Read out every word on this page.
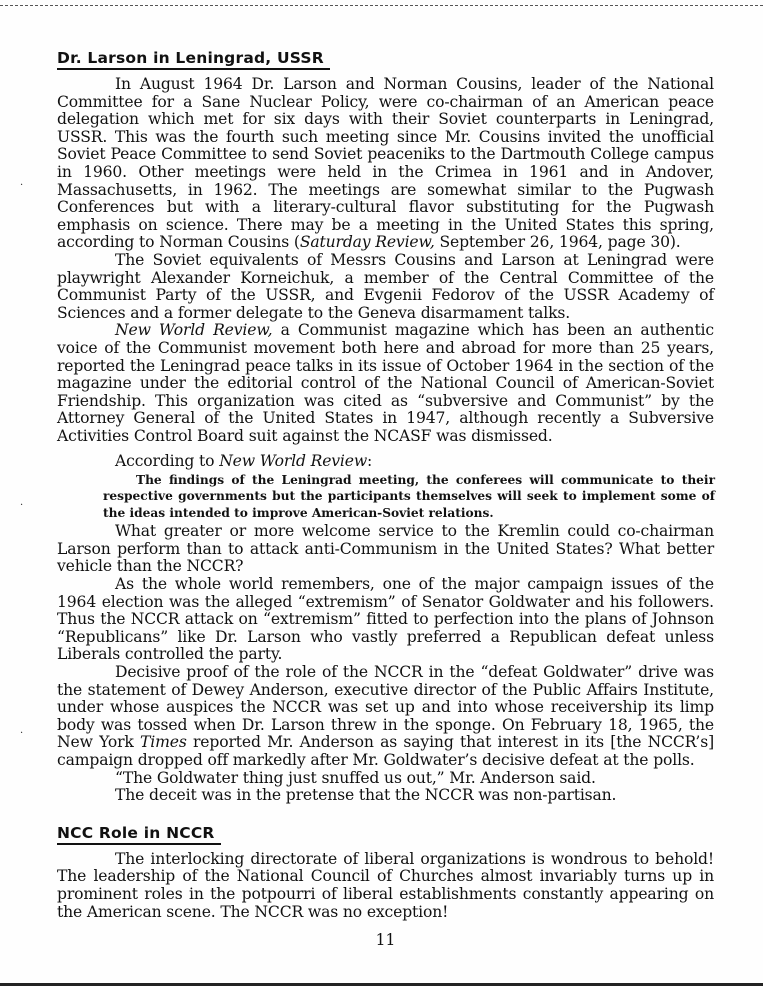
Dr. Larson in Leningrad, USSR

In August 1964 Dr. Larson and Norman Cousins, leader of the National Committee for a Sane Nuclear Policy, were co-chairman of an American peace delegation which met for six days with their Soviet counterparts in Leningrad, USSR. This was the fourth such meeting since Mr. Cousins invited the unofficial Soviet Peace Committee to send Soviet peaceniks to the Dartmouth College campus in 1960. Other meetings were held in the Crimea in 1961 and in Andover, Massachusetts, in 1962. The meetings are somewhat similar to the Pugwash Conferences but with a literary-cultural flavor substituting for the Pugwash emphasis on science. There may be a meeting in the United States this spring, according to Norman Cousins (Saturday Review, September 26, 1964, page 30).

The Soviet equivalents of Messrs Cousins and Larson at Leningrad were playwright Alexander Korneichuk, a member of the Central Committee of the Communist Party of the USSR, and Evgenii Fedorov of the USSR Academy of Sciences and a former delegate to the Geneva disarmament talks.

New World Review, a Communist magazine which has been an authentic voice of the Communist movement both here and abroad for more than 25 years, reported the Leningrad peace talks in its issue of October 1964 in the section of the magazine under the editorial control of the National Council of American-Soviet Friendship. This organization was cited as “subversive and Communist” by the Attorney General of the United States in 1947, although recently a Subversive Activities Control Board suit against the NCASF was dismissed.

According to New World Review:

The findings of the Leningrad meeting, the conferees will communicate to their respective governments but the participants themselves will seek to implement some of the ideas intended to improve American-Soviet relations.

What greater or more welcome service to the Kremlin could co-chairman Larson perform than to attack anti-Communism in the United States? What better vehicle than the NCCR?

As the whole world remembers, one of the major campaign issues of the 1964 election was the alleged “extremism” of Senator Goldwater and his followers. Thus the NCCR attack on “extremism” fitted to perfection into the plans of Johnson “Republicans” like Dr. Larson who vastly preferred a Republican defeat unless Liberals controlled the party.

Decisive proof of the role of the NCCR in the “defeat Goldwater” drive was the statement of Dewey Anderson, executive director of the Public Affairs Institute, under whose auspices the NCCR was set up and into whose receivership its limp body was tossed when Dr. Larson threw in the sponge. On February 18, 1965, the New York Times reported Mr. Anderson as saying that interest in its [the NCCR’s] campaign dropped off markedly after Mr. Goldwater’s decisive defeat at the polls.

“The Goldwater thing just snuffed us out,” Mr. Anderson said.

The deceit was in the pretense that the NCCR was non-partisan.

NCC Role in NCCR

The interlocking directorate of liberal organizations is wondrous to behold! The leadership of the National Council of Churches almost invariably turns up in prominent roles in the potpourri of liberal establishments constantly appearing on the American scene. The NCCR was no exception!

11
·
·
·
